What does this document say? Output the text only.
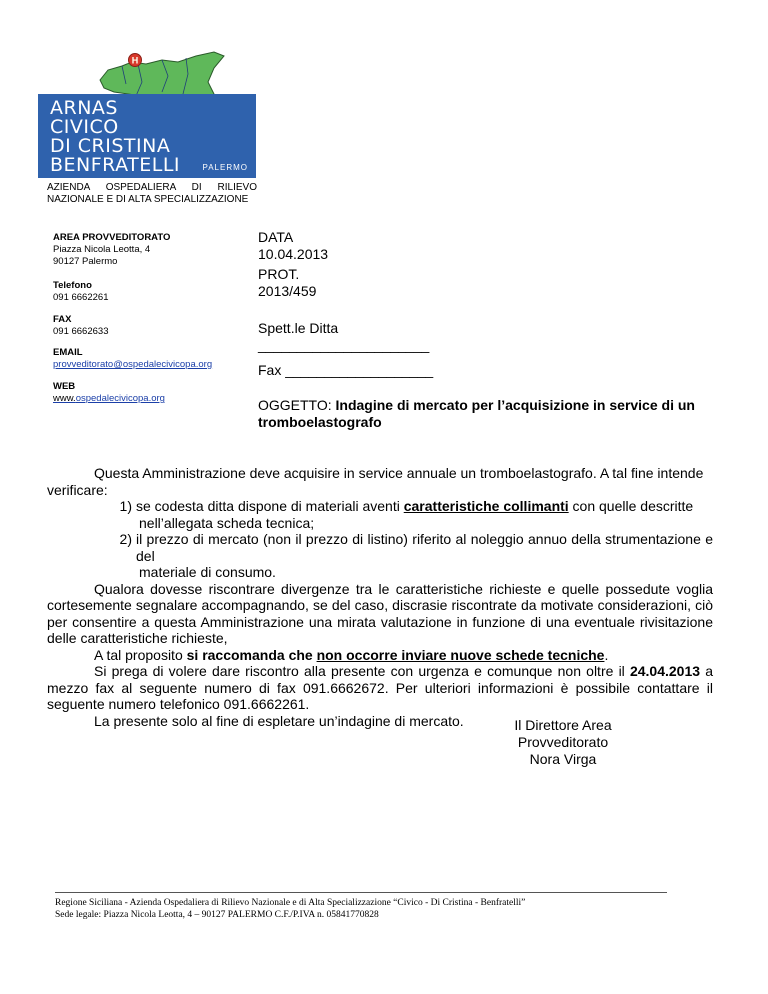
H
ARNAS
CIVICO
DI CRISTINA
BENFRATELLI	PALERMO
AZIENDA OSPEDALIERA DI RILIEVO
NAZIONALE E DI ALTA SPECIALIZZAZIONE
AREA PROVVEDITORATO
Piazza Nicola Leotta, 4
90127 Palermo
Telefono
091 6662261
FAX
091 6662633
EMAIL
provveditorato@ospedalecivicopa.org
WEB
www.ospedalecivicopa.org
DATA
10.04.2013
PROT.
2013/459
Spett.le Ditta
______________________
Fax ___________________
OGGETTO: Indagine di mercato per l’acquisizione in service di un
tromboelastografo

Questa Amministrazione deve acquisire in service annuale un tromboelastografo. A tal fine intende

verificare:

1) se codesta ditta dispone di materiali aventi caratteristiche collimanti con quelle descritte
nell’allegata scheda tecnica;
2) il prezzo di mercato (non il prezzo di listino) riferito al noleggio annuo della strumentazione e del
materiale di consumo.

Qualora dovesse riscontrare divergenze tra le caratteristiche richieste e quelle possedute voglia cortesemente segnalare accompagnando, se del caso, discrasie riscontrate da motivate considerazioni, ciò per consentire a questa Amministrazione una mirata valutazione in funzione di una eventuale rivisitazione delle caratteristiche richieste,

A tal proposito si raccomanda che non occorre inviare nuove schede tecniche.

Si prega di volere dare riscontro alla presente con urgenza e comunque non oltre il 24.04.2013 a mezzo fax al seguente numero di fax 091.6662672. Per ulteriori informazioni è possibile contattare il seguente numero telefonico 091.6662261.

La presente solo al fine di espletare un’indagine di mercato.	Il Direttore Area Provveditorato
Nora Virga
Regione Siciliana - Azienda Ospedaliera di Rilievo Nazionale e di Alta Specializzazione “Civico - Di Cristina - Benfratelli”
Sede legale: Piazza Nicola Leotta, 4 – 90127 PALERMO C.F./P.IVA n. 05841770828
